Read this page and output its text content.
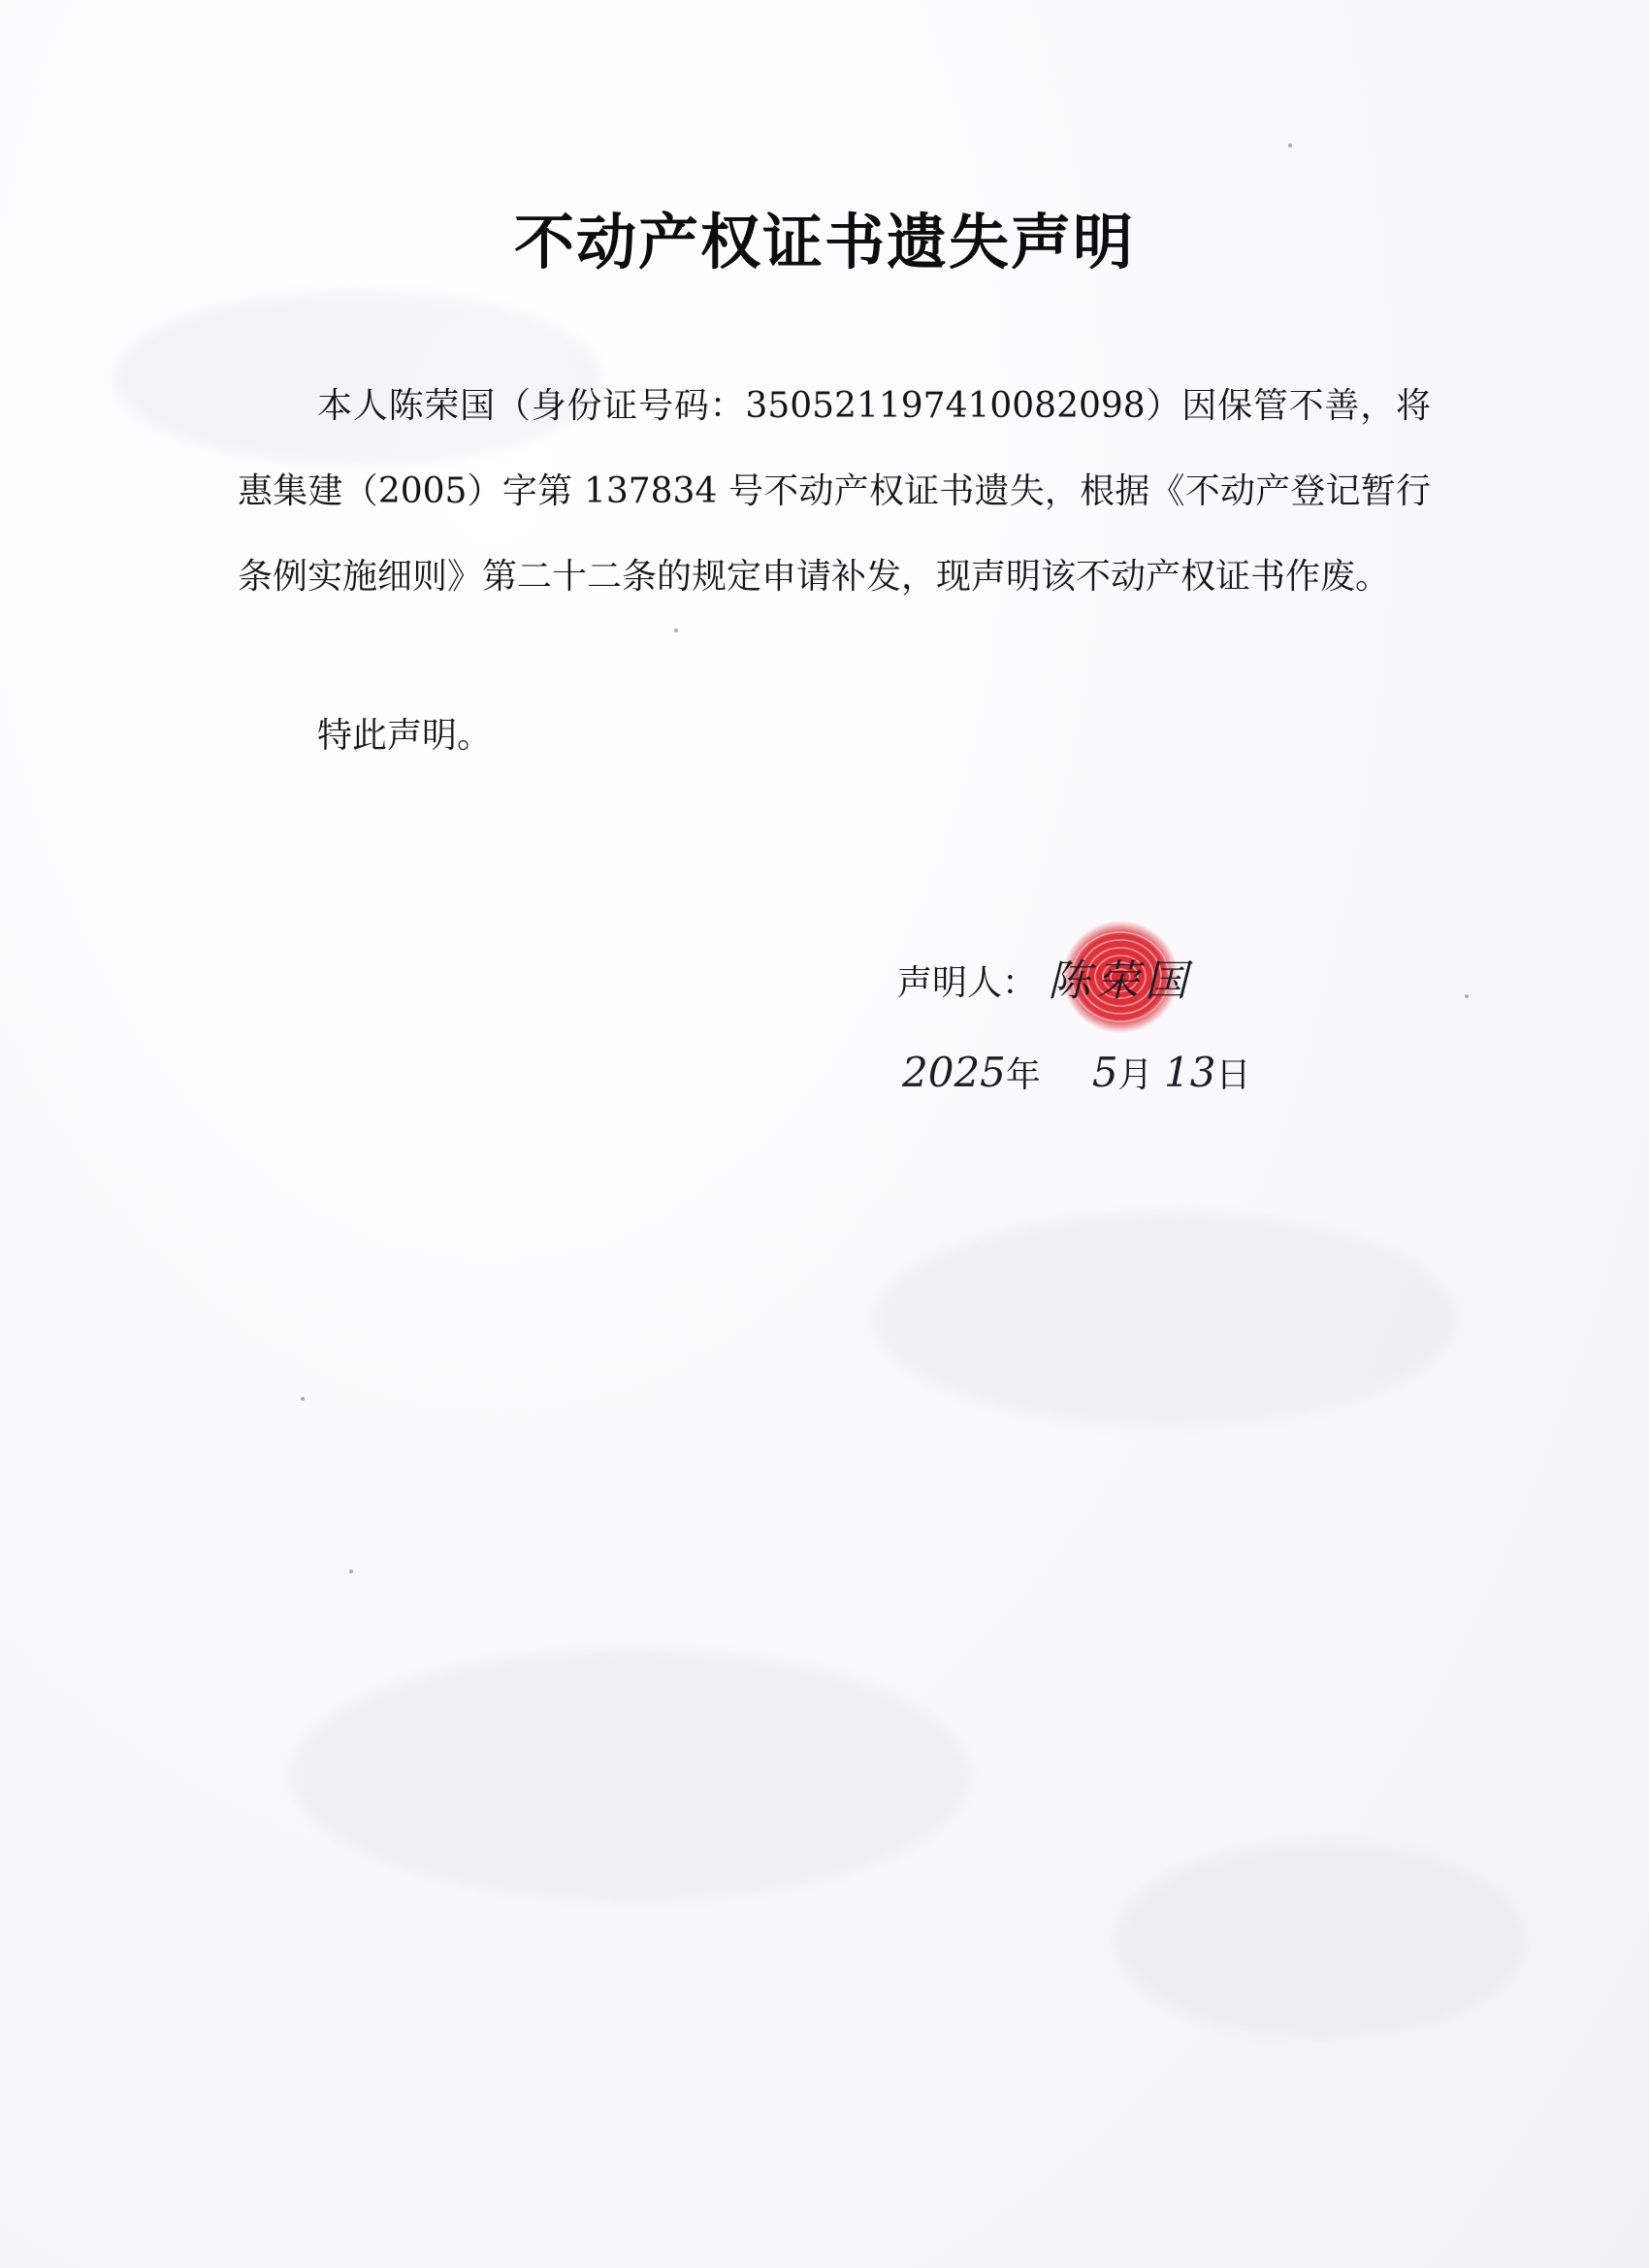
不动产权证书遗失声明

本人陈荣国（身份证号码：350521197410082098）因保管不善，将惠集建（2005）字第 137834 号不动产权证书遗失，根据《不动产登记暂行条例实施细则》第二十二条的规定申请补发，现声明该不动产权证书作废。

特此声明。

声明人： 陈荣国
2025年 5月 13日
